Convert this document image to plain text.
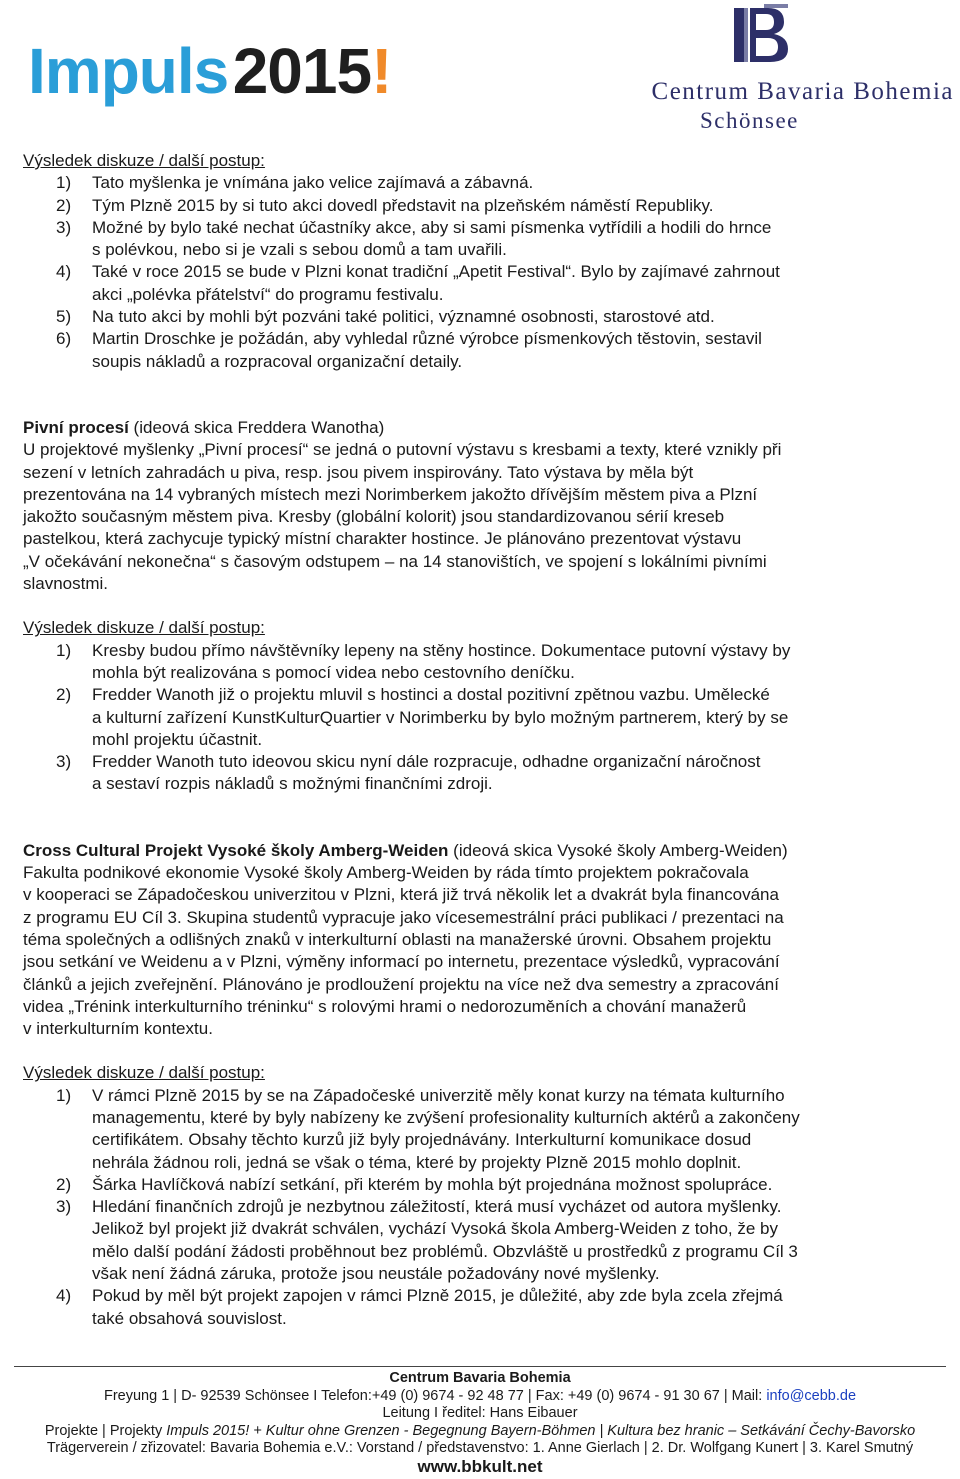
Impuls 2015!	Centrum Bavaria Bohemia
Schönsee

Výsledek diskuze / další postup:

1) Tato myšlenka je vnímána jako velice zajímavá a zábavná.
2) Tým Plzně 2015 by si tuto akci dovedl představit na plzeňském náměstí Republiky.
3) Možné by bylo také nechat účastníky akce, aby si sami písmenka vytřídili a hodili do hrnce
s polévkou, nebo si je vzali s sebou domů a tam uvařili.
4) Také v roce 2015 se bude v Plzni konat tradiční „Apetit Festival“. Bylo by zajímavé zahrnout
akci „polévka přátelství“ do programu festivalu.
5) Na tuto akci by mohli být pozváni také politici, významné osobnosti, starostové atd.
6) Martin Droschke je požádán, aby vyhledal různé výrobce písmenkových těstovin, sestavil
soupis nákladů a rozpracoval organizační detaily.

Pivní procesí (ideová skica Freddera Wanotha)

U projektové myšlenky „Pivní procesí“ se jedná o putovní výstavu s kresbami a texty, které vznikly při
sezení v letních zahradách u piva, resp. jsou pivem inspirovány. Tato výstava by měla být
prezentována na 14 vybraných místech mezi Norimberkem jakožto dřívějším městem piva a Plzní
jakožto současným městem piva. Kresby (globální kolorit) jsou standardizovanou sérií kreseb
pastelkou, která zachycuje typický místní charakter hostince. Je plánováno prezentovat výstavu
„V očekávání nekonečna“ s časovým odstupem – na 14 stanovištích, ve spojení s lokálními pivními
slavnostmi.

Výsledek diskuze / další postup:

1) Kresby budou přímo návštěvníky lepeny na stěny hostince. Dokumentace putovní výstavy by
mohla být realizována s pomocí videa nebo cestovního deníčku.
2) Fredder Wanoth již o projektu mluvil s hostinci a dostal pozitivní zpětnou vazbu. Umělecké
a kulturní zařízení KunstKulturQuartier v Norimberku by bylo možným partnerem, který by se
mohl projektu účastnit.
3) Fredder Wanoth tuto ideovou skicu nyní dále rozpracuje, odhadne organizační náročnost
a sestaví rozpis nákladů s možnými finančními zdroji.

Cross Cultural Projekt Vysoké školy Amberg-Weiden (ideová skica Vysoké školy Amberg-Weiden)

Fakulta podnikové ekonomie Vysoké školy Amberg-Weiden by ráda tímto projektem pokračovala
v kooperaci se Západočeskou univerzitou v Plzni, která již trvá několik let a dvakrát byla financována
z programu EU Cíl 3. Skupina studentů vypracuje jako vícesemestrální práci publikaci / prezentaci na
téma společných a odlišných znaků v interkulturní oblasti na manažerské úrovni. Obsahem projektu
jsou setkání ve Weidenu a v Plzni, výměny informací po internetu, prezentace výsledků, vypracování
článků a jejich zveřejnění. Plánováno je prodloužení projektu na více než dva semestry a zpracování
videa „Trénink interkulturního tréninku“ s rolovými hrami o nedorozuměních a chování manažerů
v interkulturním kontextu.

Výsledek diskuze / další postup:

1) V rámci Plzně 2015 by se na Západočeské univerzitě měly konat kurzy na témata kulturního
managementu, které by byly nabízeny ke zvýšení profesionality kulturních aktérů a zakončeny
certifikátem. Obsahy těchto kurzů již byly projednávány. Interkulturní komunikace dosud
nehrála žádnou roli, jedná se však o téma, které by projekty Plzně 2015 mohlo doplnit.
2) Šárka Havlíčková nabízí setkání, při kterém by mohla být projednána možnost spolupráce.
3) Hledání finančních zdrojů je nezbytnou záležitostí, která musí vycházet od autora myšlenky.
Jelikož byl projekt již dvakrát schválen, vychází Vysoká škola Amberg-Weiden z toho, že by
mělo další podání žádosti proběhnout bez problémů. Obzvláště u prostředků z programu Cíl 3
však není žádná záruka, protože jsou neustále požadovány nové myšlenky.
4) Pokud by měl být projekt zapojen v rámci Plzně 2015, je důležité, aby zde byla zcela zřejmá
také obsahová souvislost.
Centrum Bavaria Bohemia
Freyung 1 | D- 92539 Schönsee I Telefon:+49 (0) 9674 - 92 48 77 | Fax: +49 (0) 9674 - 91 30 67 | Mail: info@cebb.de
Leitung I ředitel: Hans Eibauer
Projekte | Projekty Impuls 2015! + Kultur ohne Grenzen - Begegnung Bayern-Böhmen | Kultura bez hranic – Setkávání Čechy-Bavorsko
Trägerverein / zřizovatel: Bavaria Bohemia e.V.: Vorstand / představenstvo: 1. Anne Gierlach | 2. Dr. Wolfgang Kunert | 3. Karel Smutný
www.bbkult.net
